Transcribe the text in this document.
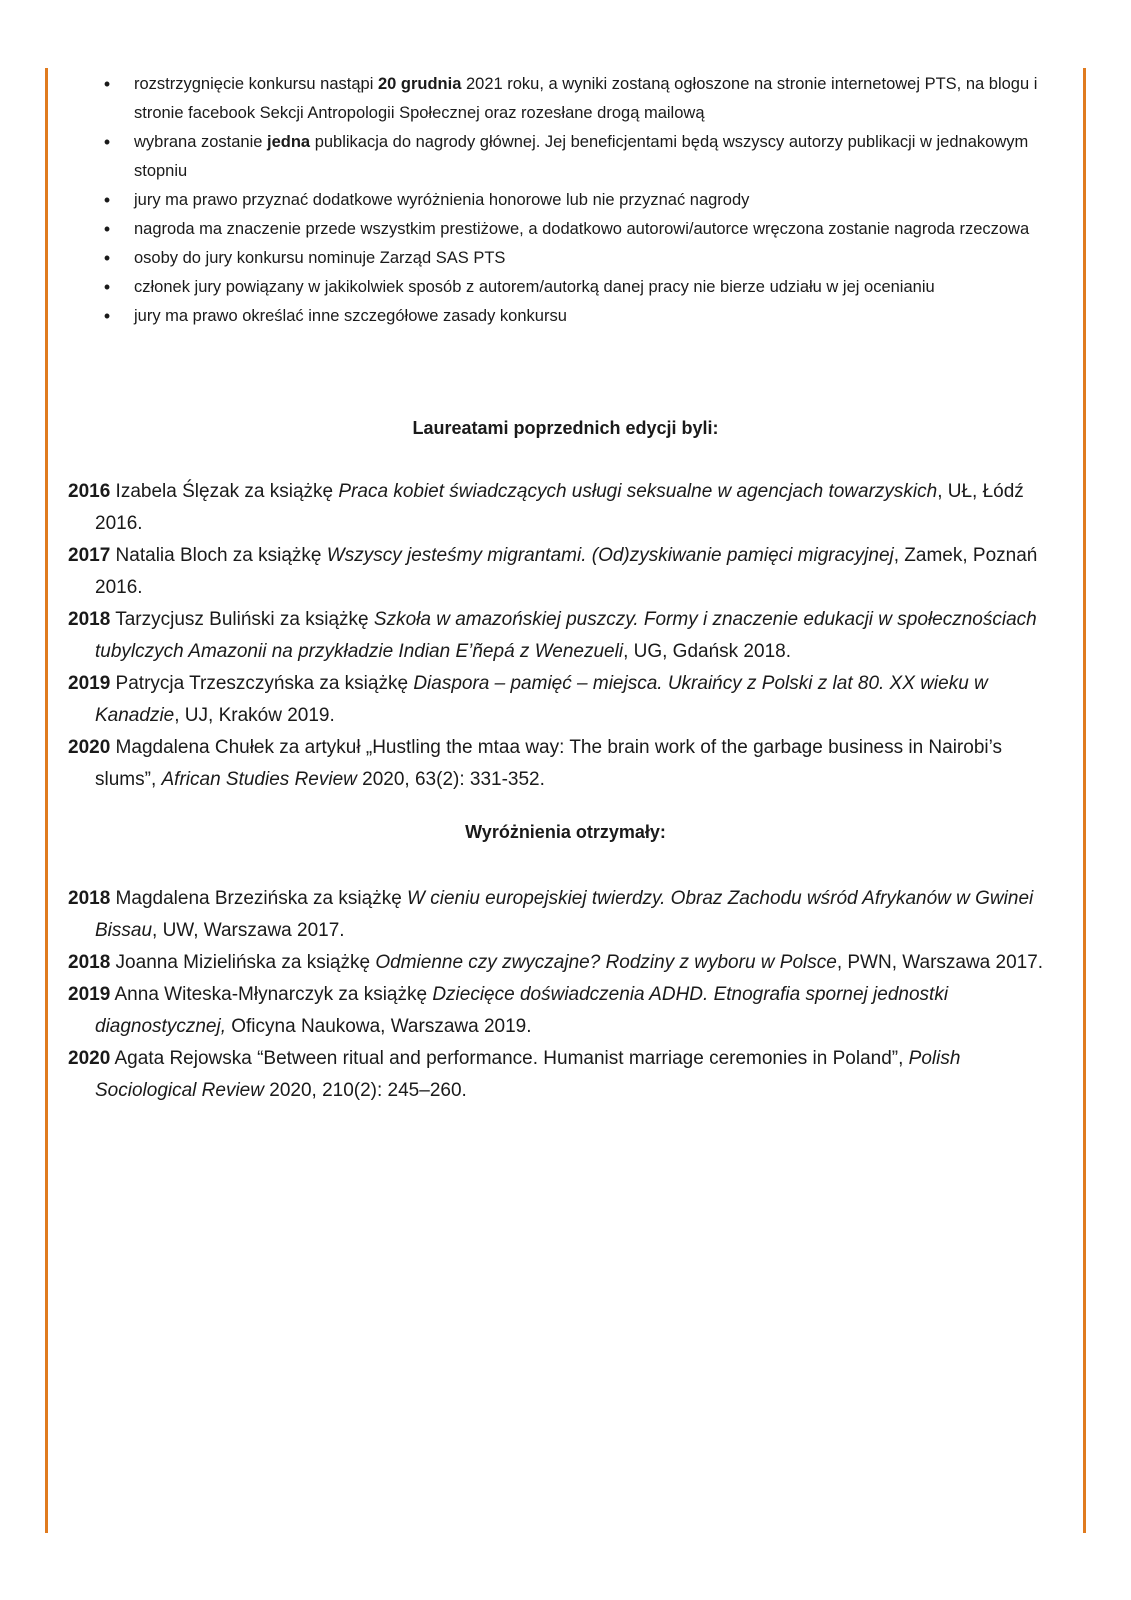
• rozstrzygnięcie konkursu nastąpi 20 grudnia 2021 roku, a wyniki zostaną ogłoszone na stronie internetowej PTS, na blogu i stronie facebook Sekcji Antropologii Społecznej oraz rozesłane drogą mailową
• wybrana zostanie jedna publikacja do nagrody głównej. Jej beneficjentami będą wszyscy autorzy publikacji w jednakowym stopniu
• jury ma prawo przyznać dodatkowe wyróżnienia honorowe lub nie przyznać nagrody
• nagroda ma znaczenie przede wszystkim prestiżowe, a dodatkowo autorowi/autorce wręczona zostanie nagroda rzeczowa
• osoby do jury konkursu nominuje Zarząd SAS PTS
• członek jury powiązany w jakikolwiek sposób z autorem/autorką danej pracy nie bierze udziału w jej ocenianiu
• jury ma prawo określać inne szczegółowe zasady konkursu
Laureatami poprzednich edycji byli:

2016 Izabela Ślęzak za książkę Praca kobiet świadczących usługi seksualne w agencjach towarzyskich, UŁ, Łódź 2016.

2017 Natalia Bloch za książkę Wszyscy jesteśmy migrantami. (Od)zyskiwanie pamięci migracyjnej, Zamek, Poznań 2016.

2018 Tarzycjusz Buliński za książkę Szkoła w amazońskiej puszczy. Formy i znaczenie edukacji w społecznościach tubylczych Amazonii na przykładzie Indian E’ñepá z Wenezueli, UG, Gdańsk 2018.

2019 Patrycja Trzeszczyńska za książkę Diaspora – pamięć – miejsca. Ukraińcy z Polski z lat 80. XX wieku w Kanadzie, UJ, Kraków 2019.

2020 Magdalena Chułek za artykuł „Hustling the mtaa way: The brain work of the garbage business in Nairobi’s slums”, African Studies Review 2020, 63(2): 331-352.

Wyróżnienia otrzymały:

2018 Magdalena Brzezińska za książkę W cieniu europejskiej twierdzy. Obraz Zachodu wśród Afrykanów w Gwinei Bissau, UW, Warszawa 2017.

2018 Joanna Mizielińska za książkę Odmienne czy zwyczajne? Rodziny z wyboru w Polsce, PWN, Warszawa 2017.

2019 Anna Witeska-Młynarczyk za książkę Dziecięce doświadczenia ADHD. Etnografia spornej jednostki diagnostycznej, Oficyna Naukowa, Warszawa 2019.

2020 Agata Rejowska “Between ritual and performance. Humanist marriage ceremonies in Poland”, Polish Sociological Review 2020, 210(2): 245–260.
